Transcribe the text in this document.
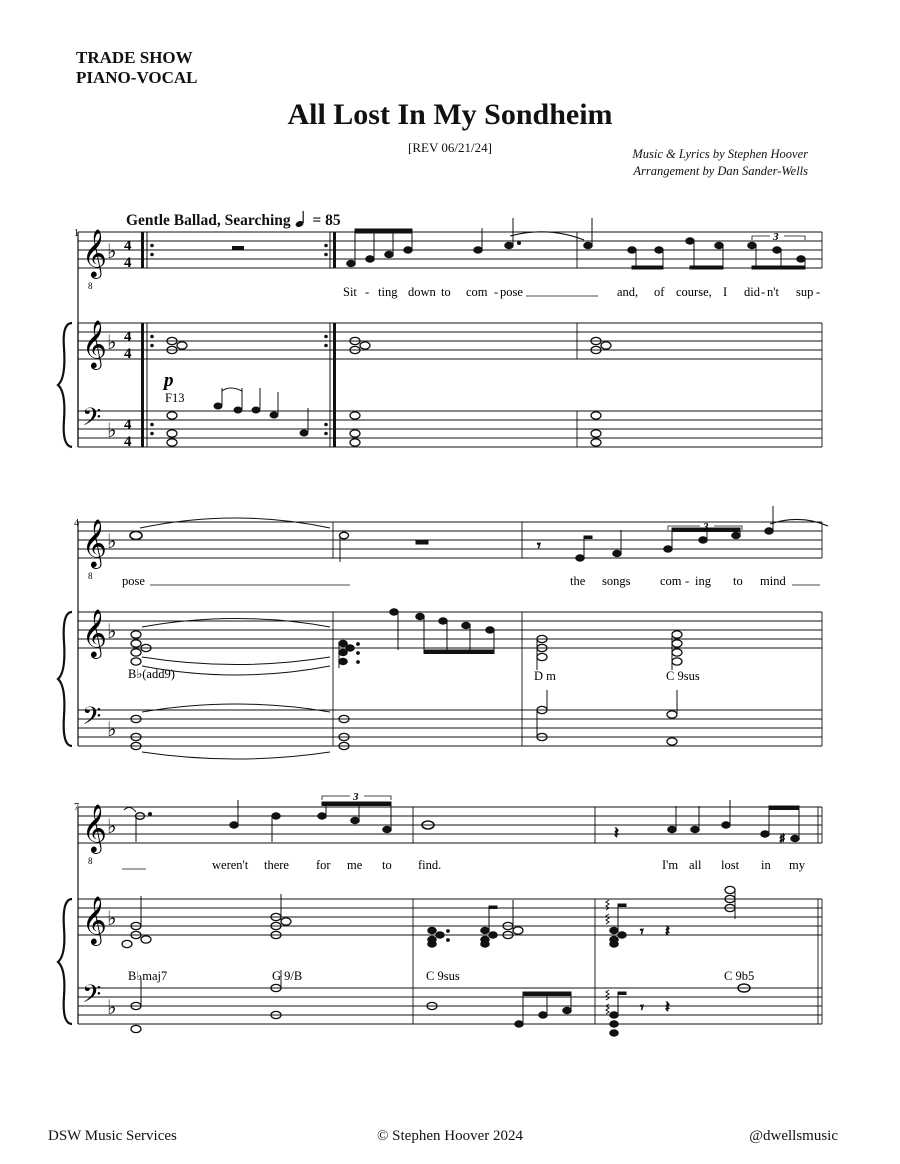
TRADE SHOW
PIANO-VOCAL
All Lost In My Sondheim
[REV 06/21/24]	Music & Lyrics by Stephen Hoover
Arrangement by Dan Sander-Wells
Gentle Ballad, Searching = 85
1 𝄞
8
♭ 4
4
3
Sit - ting down to com - pose	and, of course, I did - n't sup -
𝄞 ♭ 4
4
𝄢 ♭ 4
4
p
F13
4 𝄞
8
♭	𝄾
3
pose	the songs com - ing to mind
𝄞 ♭
𝄢 ♭
B♭(add9)	D m	C 9sus
7 𝄞
8
♭	𝄽	♯
3
weren't there for me to find.	I'm all lost in my
𝄞 ♭
𝄢 ♭
𝄾 𝄽
𝄾 𝄽
B♭maj7	G 9/B	C 9sus	C 9b5
DSW Music Services	© Stephen Hoover 2024	@dwellsmusic
